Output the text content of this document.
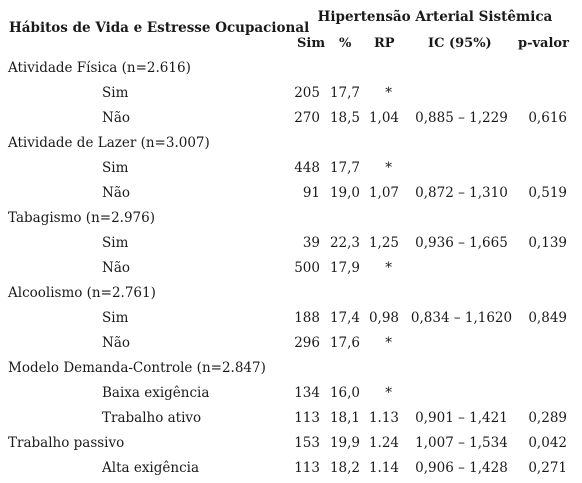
Hábitos de Vida e Estresse Ocupacional
Hipertensão Arterial Sistêmica
Sim % RP	IC (95%) p-valor
Atividade Física (n=2.616)
Sim	205 17,7 *
Não	270 18,5 1,04	0,885 – 1,229	0,616
Atividade de Lazer (n=3.007)
Sim	448 17,7 *
Não	91 19,0 1,07	0,872 – 1,310	0,519
Tabagismo (n=2.976)
Sim	39 22,3 1,25	0,936 – 1,665	0,139
Não	500 17,9 *
Alcoolismo (n=2.761)
Sim	188 17,4 0,98 0,834 – 1,1620 0,849
Não	296 17,6 *
Modelo Demanda-Controle (n=2.847)
Baixa exigência	134 16,0 *
Trabalho ativo	113 18,1 1.13	0,901 – 1,421	0,289
Trabalho passivo	153 19,9 1.24	1,007 – 1,534	0,042
Alta exigência	113 18,2 1.14	0,906 – 1,428	0,271
